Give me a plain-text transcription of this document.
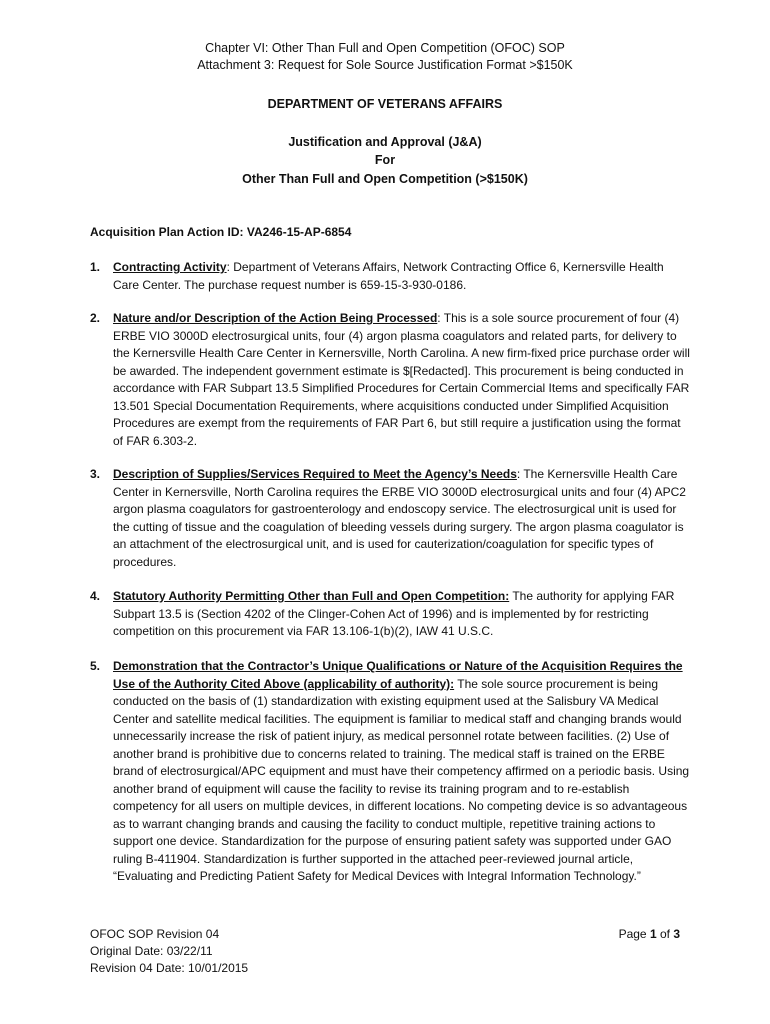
Chapter VI: Other Than Full and Open Competition (OFOC) SOP
Attachment 3: Request for Sole Source Justification Format >$150K
DEPARTMENT OF VETERANS AFFAIRS
Justification and Approval (J&A)
For
Other Than Full and Open Competition (>$150K)
Acquisition Plan Action ID: VA246-15-AP-6854
1. Contracting Activity: Department of Veterans Affairs, Network Contracting Office 6, Kernersville Health Care Center. The purchase request number is 659-15-3-930-0186.
2. Nature and/or Description of the Action Being Processed: This is a sole source procurement of four (4) ERBE VIO 3000D electrosurgical units, four (4) argon plasma coagulators and related parts, for delivery to the Kernersville Health Care Center in Kernersville, North Carolina. A new firm-fixed price purchase order will be awarded. The independent government estimate is $[Redacted]. This procurement is being conducted in accordance with FAR Subpart 13.5 Simplified Procedures for Certain Commercial Items and specifically FAR 13.501 Special Documentation Requirements, where acquisitions conducted under Simplified Acquisition Procedures are exempt from the requirements of FAR Part 6, but still require a justification using the format of FAR 6.303-2.
3. Description of Supplies/Services Required to Meet the Agency’s Needs: The Kernersville Health Care Center in Kernersville, North Carolina requires the ERBE VIO 3000D electrosurgical units and four (4) APC2 argon plasma coagulators for gastroenterology and endoscopy service. The electrosurgical unit is used for the cutting of tissue and the coagulation of bleeding vessels during surgery. The argon plasma coagulator is an attachment of the electrosurgical unit, and is used for cauterization/coagulation for specific types of procedures.
4. Statutory Authority Permitting Other than Full and Open Competition: The authority for applying FAR Subpart 13.5 is (Section 4202 of the Clinger-Cohen Act of 1996) and is implemented by for restricting competition on this procurement via FAR 13.106-1(b)(2), IAW 41 U.S.C.
5. Demonstration that the Contractor’s Unique Qualifications or Nature of the Acquisition Requires the Use of the Authority Cited Above (applicability of authority): The sole source procurement is being conducted on the basis of (1) standardization with existing equipment used at the Salisbury VA Medical Center and satellite medical facilities. The equipment is familiar to medical staff and changing brands would unnecessarily increase the risk of patient injury, as medical personnel rotate between facilities. (2) Use of another brand is prohibitive due to concerns related to training. The medical staff is trained on the ERBE brand of electrosurgical/APC equipment and must have their competency affirmed on a periodic basis. Using another brand of equipment will cause the facility to revise its training program and to re-establish competency for all users on multiple devices, in different locations. No competing device is so advantageous as to warrant changing brands and causing the facility to conduct multiple, repetitive training actions to support one device. Standardization for the purpose of ensuring patient safety was supported under GAO ruling B-411904. Standardization is further supported in the attached peer-reviewed journal article, “Evaluating and Predicting Patient Safety for Medical Devices with Integral Information Technology.”
OFOC SOP Revision 04
Original Date: 03/22/11
Revision 04 Date: 10/01/2015
Page 1 of 3
